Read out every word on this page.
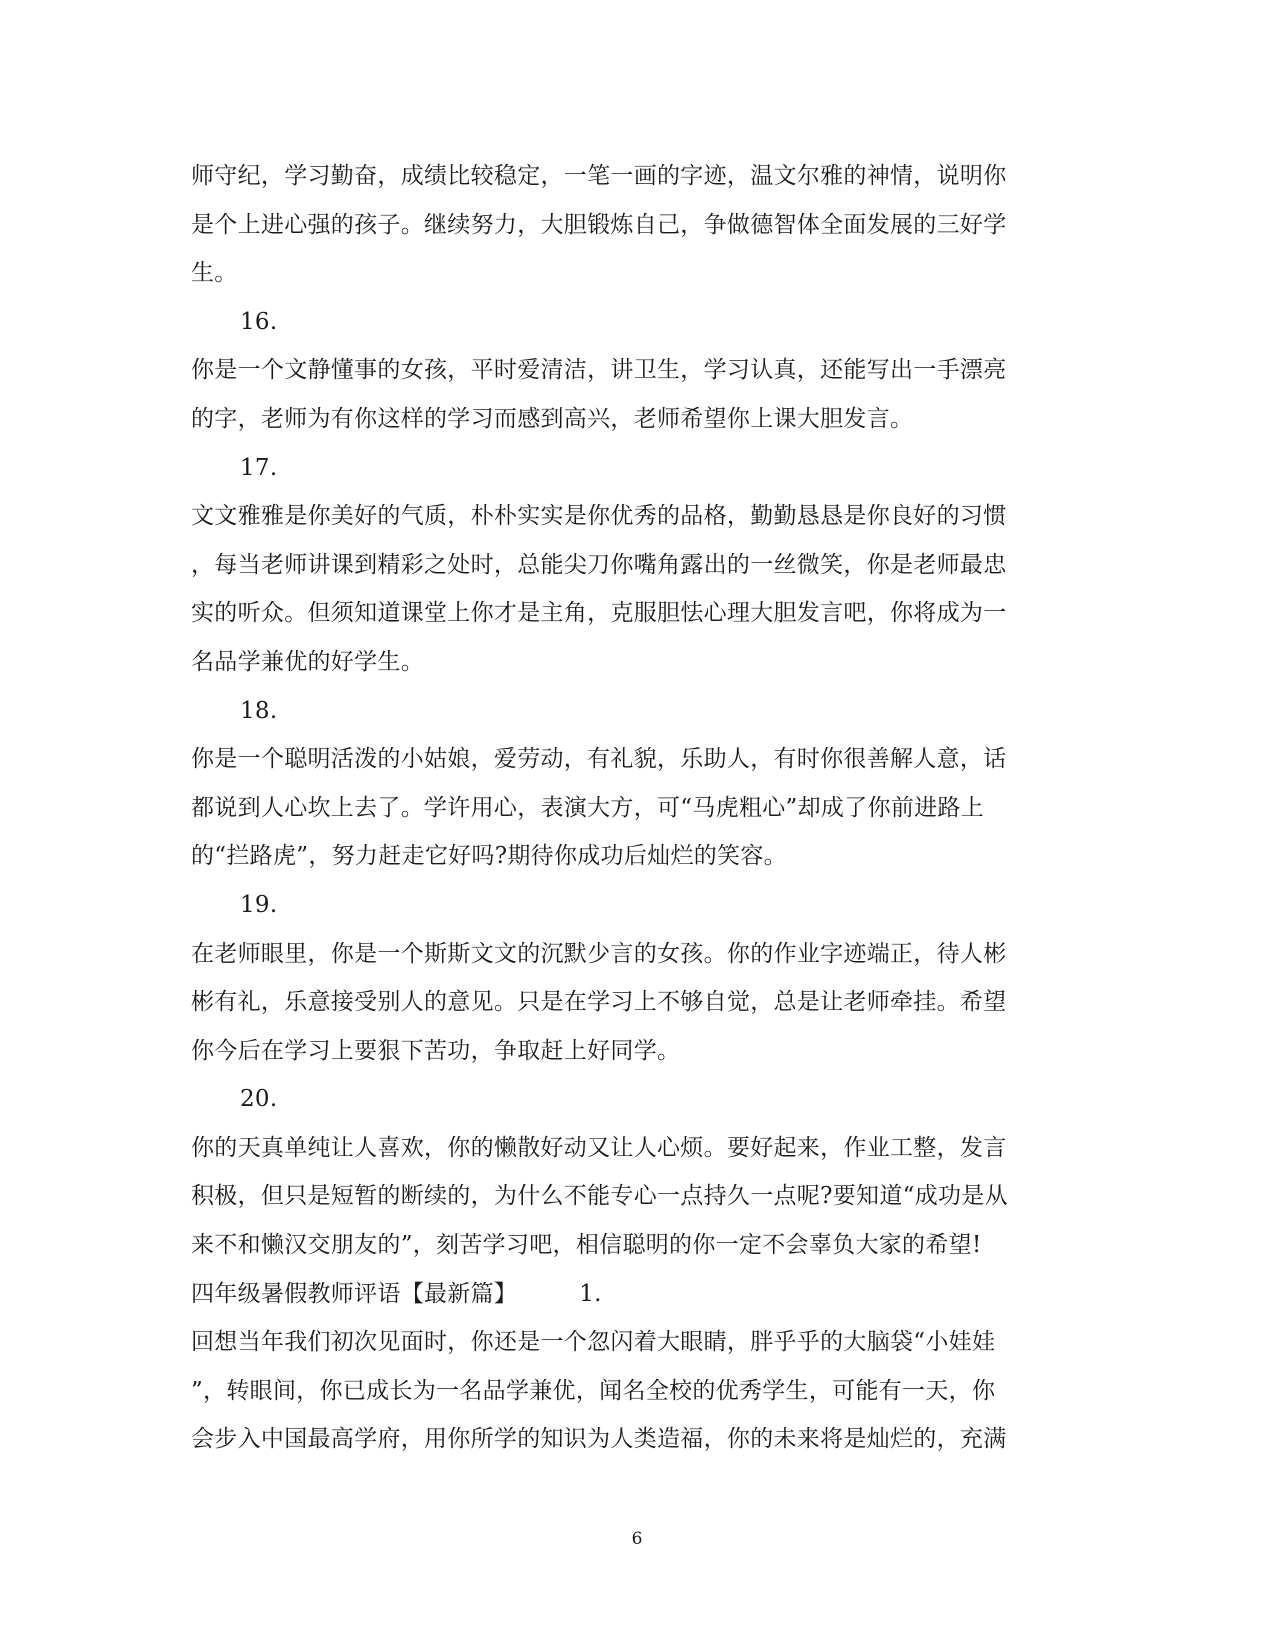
师守纪，学习勤奋，成绩比较稳定，一笔一画的字迹，温文尔雅的神情，说明你
是个上进心强的孩子。继续努力，大胆锻炼自己，争做德智体全面发展的三好学
生。
16.
你是一个文静懂事的女孩，平时爱清洁，讲卫生，学习认真，还能写出一手漂亮
的字，老师为有你这样的学习而感到高兴，老师希望你上课大胆发言。
17.
文文雅雅是你美好的气质，朴朴实实是你优秀的品格，勤勤恳恳是你良好的习惯
，每当老师讲课到精彩之处时，总能尖刀你嘴角露出的一丝微笑，你是老师最忠
实的听众。但须知道课堂上你才是主角，克服胆怯心理大胆发言吧，你将成为一
名品学兼优的好学生。
18.
你是一个聪明活泼的小姑娘，爱劳动，有礼貌，乐助人，有时你很善解人意，话
都说到人心坎上去了。学许用心，表演大方，可“马虎粗心”却成了你前进路上
的“拦路虎”，努力赶走它好吗?期待你成功后灿烂的笑容。
19.
在老师眼里，你是一个斯斯文文的沉默少言的女孩。你的作业字迹端正，待人彬
彬有礼，乐意接受别人的意见。只是在学习上不够自觉，总是让老师牵挂。希望
你今后在学习上要狠下苦功，争取赶上好同学。
20.
你的天真单纯让人喜欢，你的懒散好动又让人心烦。要好起来，作业工整，发言
积极，但只是短暂的断续的，为什么不能专心一点持久一点呢?要知道“成功是从
来不和懒汉交朋友的”，刻苦学习吧，相信聪明的你一定不会辜负大家的希望!
四年级暑假教师评语【最新篇】	1.
回想当年我们初次见面时，你还是一个忽闪着大眼睛，胖乎乎的大脑袋“小娃娃
”，转眼间，你已成长为一名品学兼优，闻名全校的优秀学生，可能有一天，你
会步入中国最高学府，用你所学的知识为人类造福，你的未来将是灿烂的，充满
6
